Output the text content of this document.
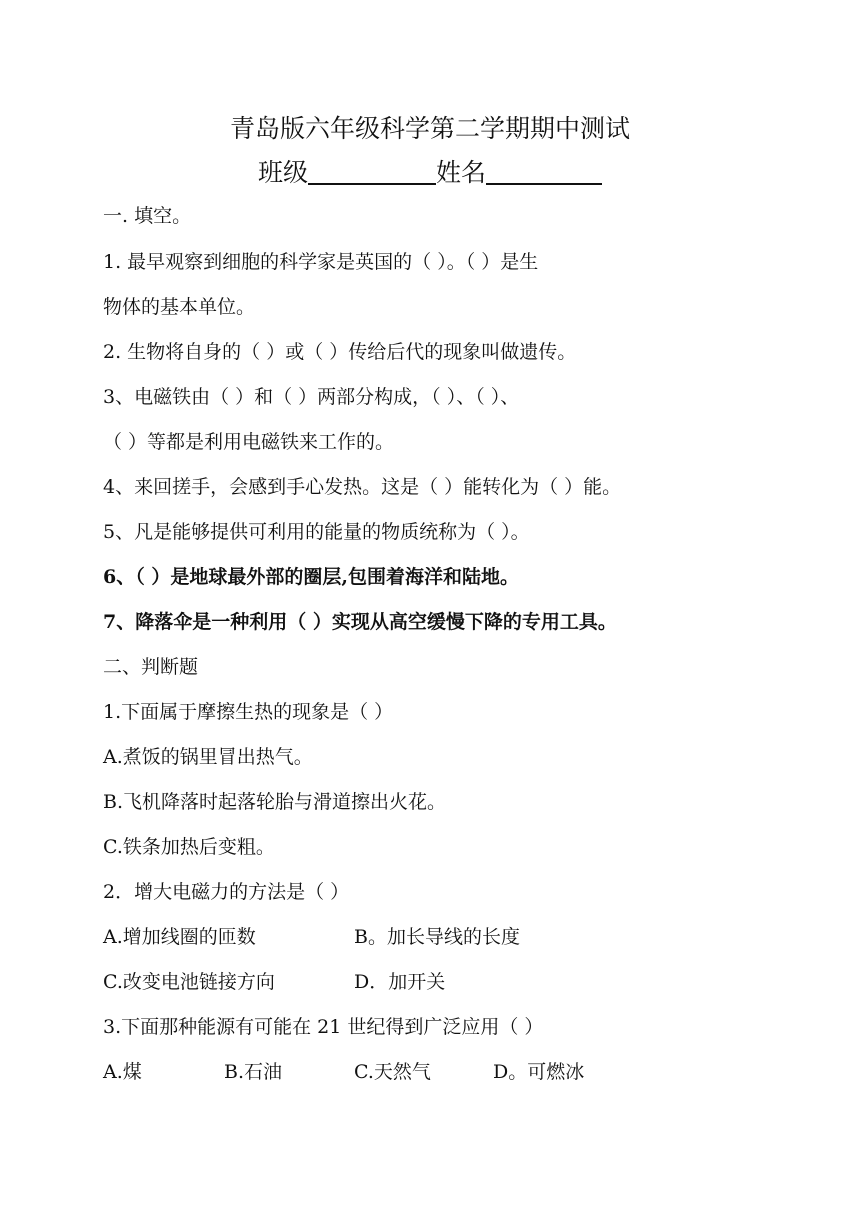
青岛版六年级科学第二学期期中测试
班级	姓名
一. 填空。
1. 最早观察到细胞的科学家是英国的（ ）。（ ）是生
物体的基本单位。
2. 生物将自身的（ ）或（ ）传给后代的现象叫做遗传。
3、电磁铁由（ ）和（ ）两部分构成，（ ）、（ ）、
（ ）等都是利用电磁铁来工作的。
4、来回搓手，会感到手心发热。这是（ ）能转化为（ ）能。
5、凡是能够提供可利用的能量的物质统称为（ ）。
6、（ ）是地球最外部的圈层,包围着海洋和陆地。
7、降落伞是一种利用（ ）实现从高空缓慢下降的专用工具。
二、判断题
1.下面属于摩擦生热的现象是（ ）
A.煮饭的锅里冒出热气。
B.飞机降落时起落轮胎与滑道擦出火花。
C.铁条加热后变粗。
2．增大电磁力的方法是（ ）
A.增加线圈的匝数	B。加长导线的长度
C.改变电池链接方向	D．加开关
3.下面那种能源有可能在 21 世纪得到广泛应用（ ）
A.煤	B.石油	C.天然气	D。可燃冰
